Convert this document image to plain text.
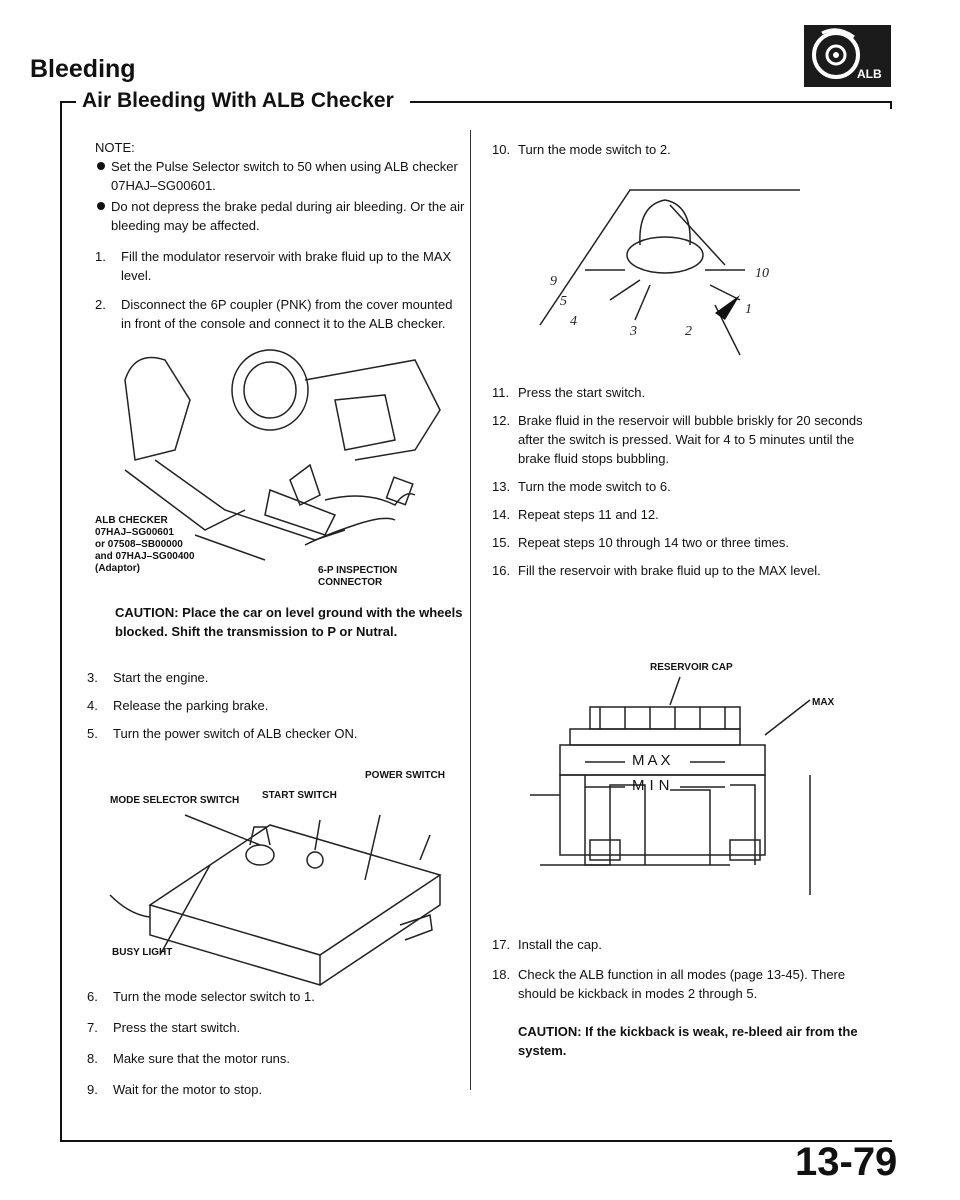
Bleeding
Air Bleeding With ALB Checker
ALB
NOTE:
Set the Pulse Selector switch to 50 when using ALB checker 07HAJ–SG00601.
Do not depress the brake pedal during air bleeding. Or the air bleeding may be affected.
1. Fill the modulator reservoir with brake fluid up to the MAX level.
2. Disconnect the 6P coupler (PNK) from the cover mounted in front of the console and connect it to the ALB checker.
ALB CHECKER
07HAJ–SG00601
or 07508–SB00000
and 07HAJ–SG00400
(Adaptor)	6-P INSPECTION
CONNECTOR
CAUTION: Place the car on level ground with the wheels blocked. Shift the transmission to P or Nutral.
3. Start the engine.
4. Release the parking brake.
5. Turn the power switch of ALB checker ON.
POWER SWITCH
MODE SELECTOR SWITCH START SWITCH
BUSY LIGHT
6. Turn the mode selector switch to 1.
7. Press the start switch.
8. Make sure that the motor runs.
9. Wait for the motor to stop.
10. Turn the mode switch to 2.
9
10
5
1
4
3	2
11. Press the start switch.
12. Brake fluid in the reservoir will bubble briskly for 20 seconds after the switch is pressed. Wait for 4 to 5 minutes until the brake fluid stops bubbling.
13. Turn the mode switch to 6.
14. Repeat steps 11 and 12.
15. Repeat steps 10 through 14 two or three times.
16. Fill the reservoir with brake fluid up to the MAX level.
RESERVOIR CAP
MAX
MAX
MIN
17. Install the cap.
18. Check the ALB function in all modes (page 13-45). There should be kickback in modes 2 through 5.
CAUTION: If the kickback is weak, re-bleed air from the system.
13-79
